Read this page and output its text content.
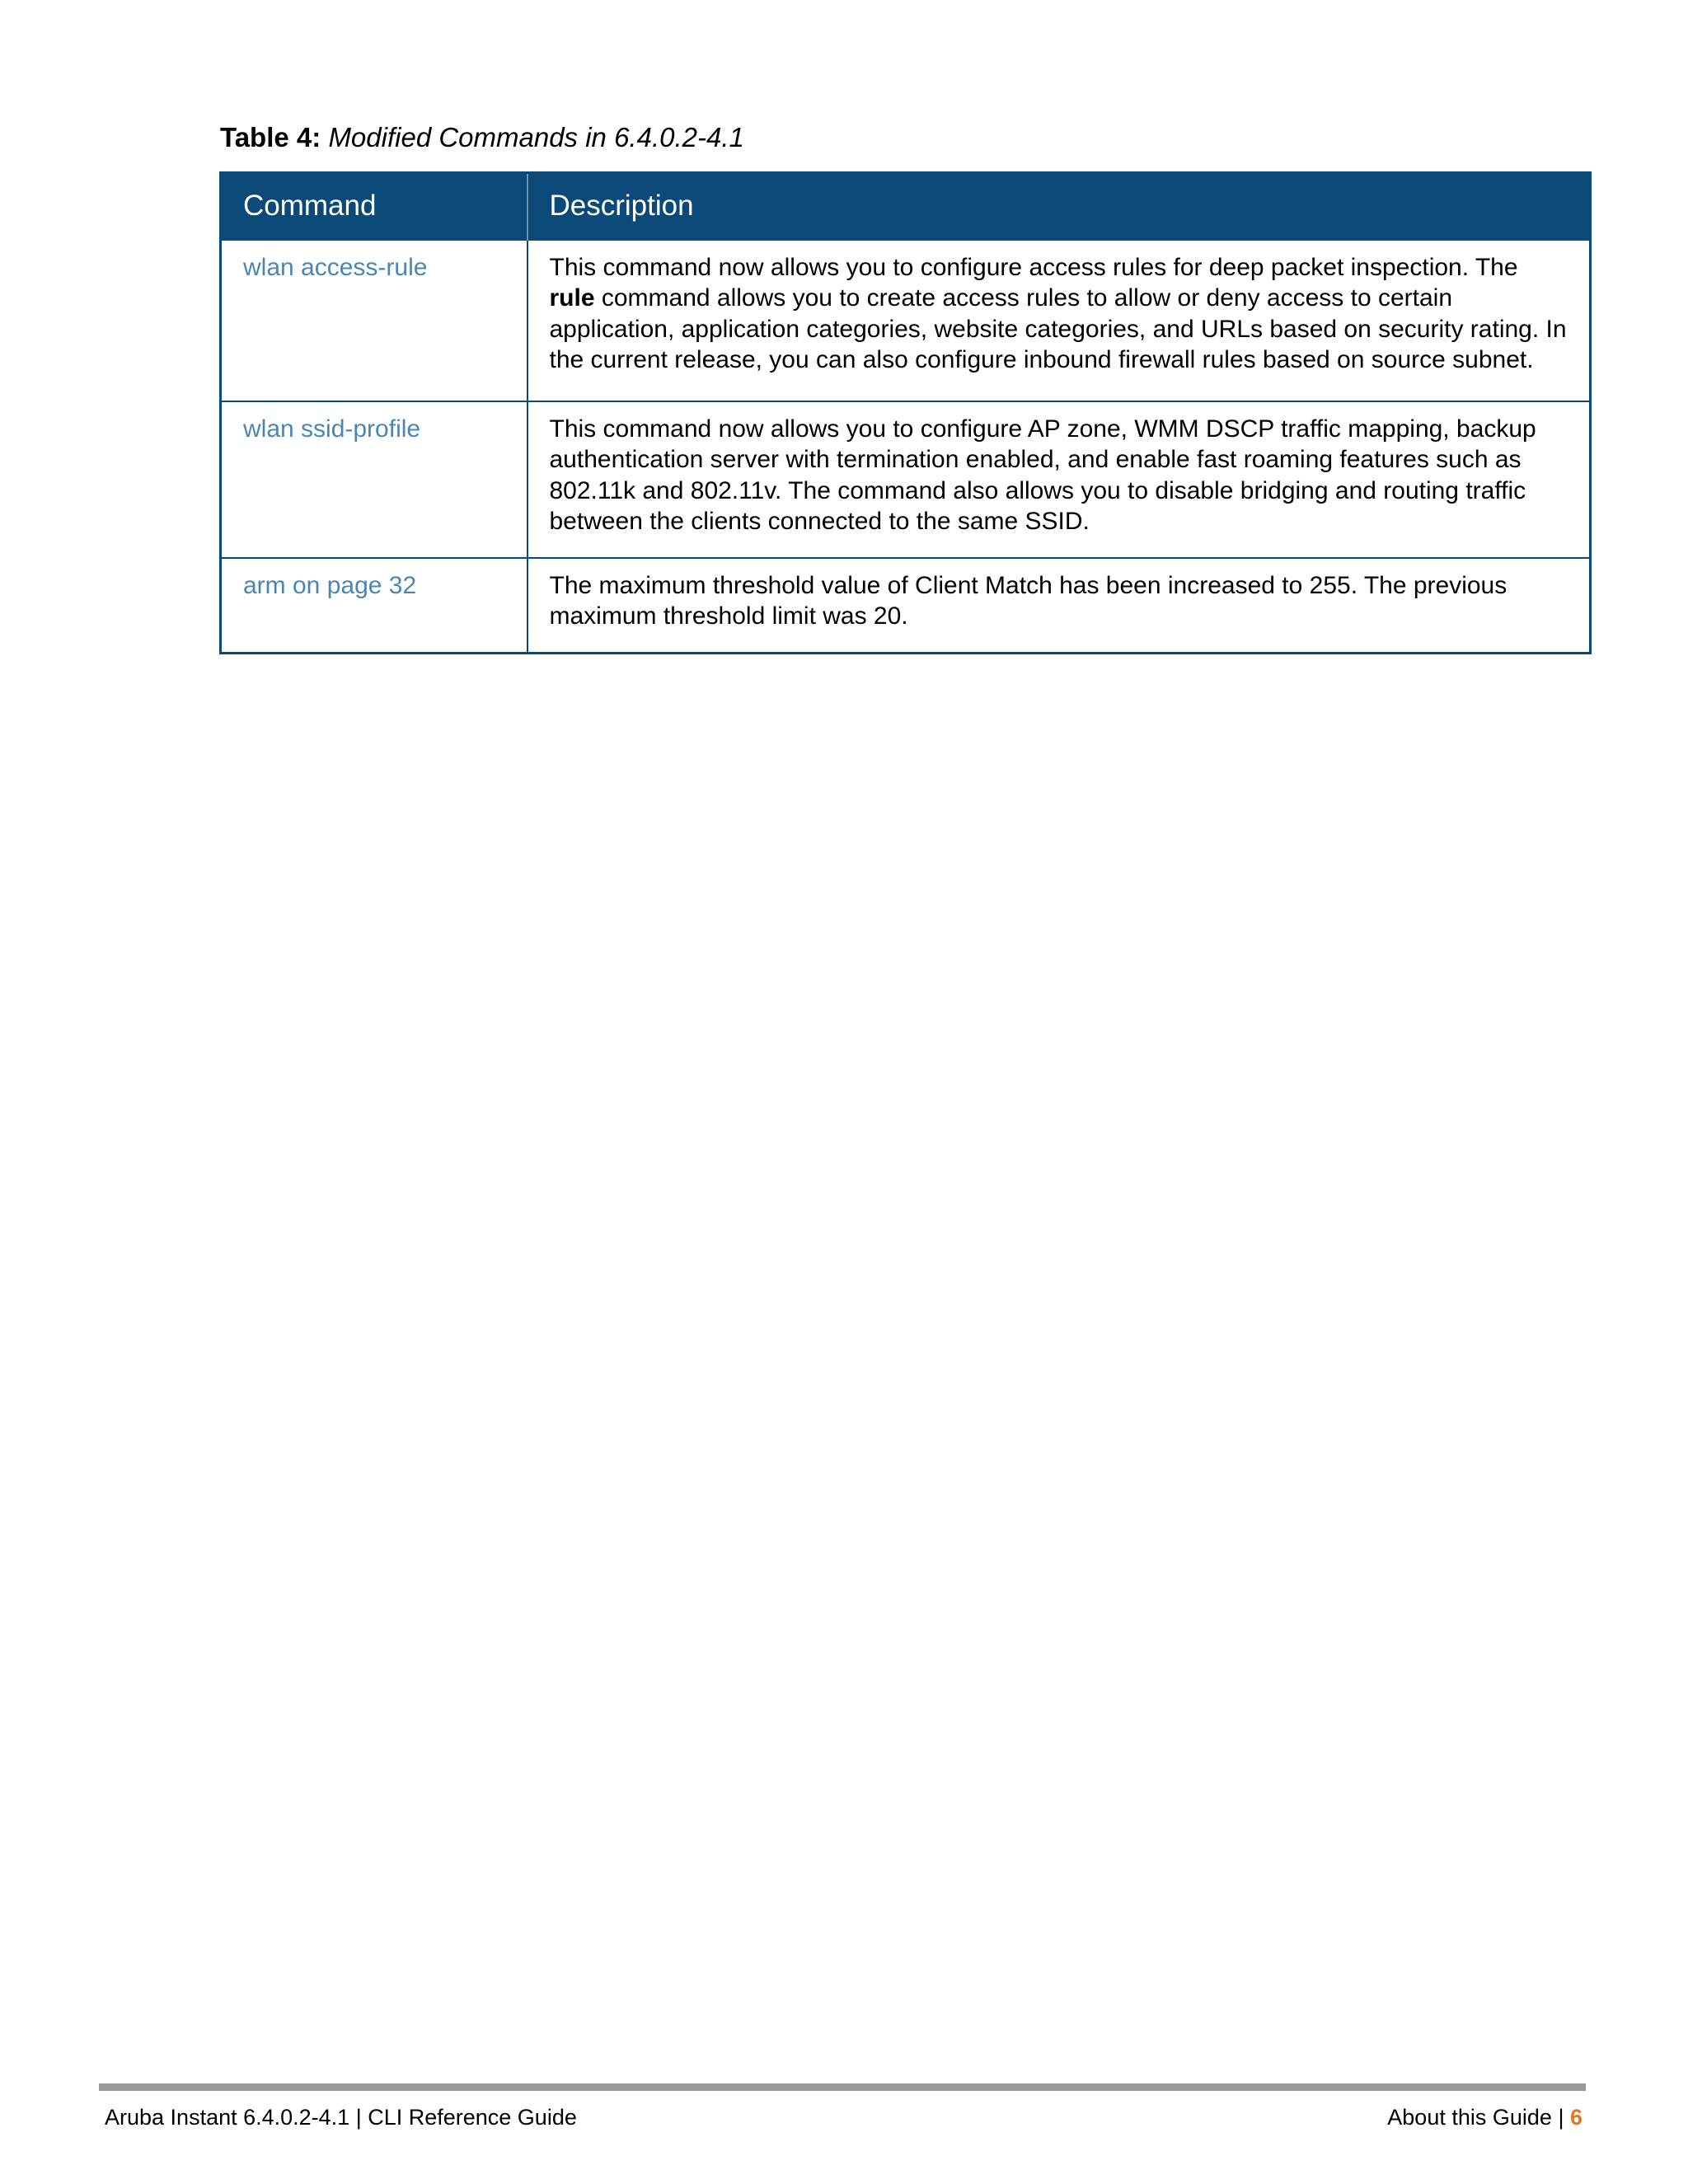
Table 4: Modified Commands in 6.4.0.2-4.1
Command	Description
wlan access-rule	This command now allows you to configure access rules for deep packet inspection. The rule command allows you to create access rules to allow or deny access to certain application, application categories, website categories, and URLs based on security rating. In the current release, you can also configure inbound firewall rules based on source subnet.
wlan ssid-profile	This command now allows you to configure AP zone, WMM DSCP traffic mapping, backup authentication server with termination enabled, and enable fast roaming features such as 802.11k and 802.11v. The command also allows you to disable bridging and routing traffic between the clients connected to the same SSID.
arm on page 32	The maximum threshold value of Client Match has been increased to 255. The previous maximum threshold limit was 20.
Aruba Instant 6.4.0.2-4.1 | CLI Reference Guide	About this Guide | 6
